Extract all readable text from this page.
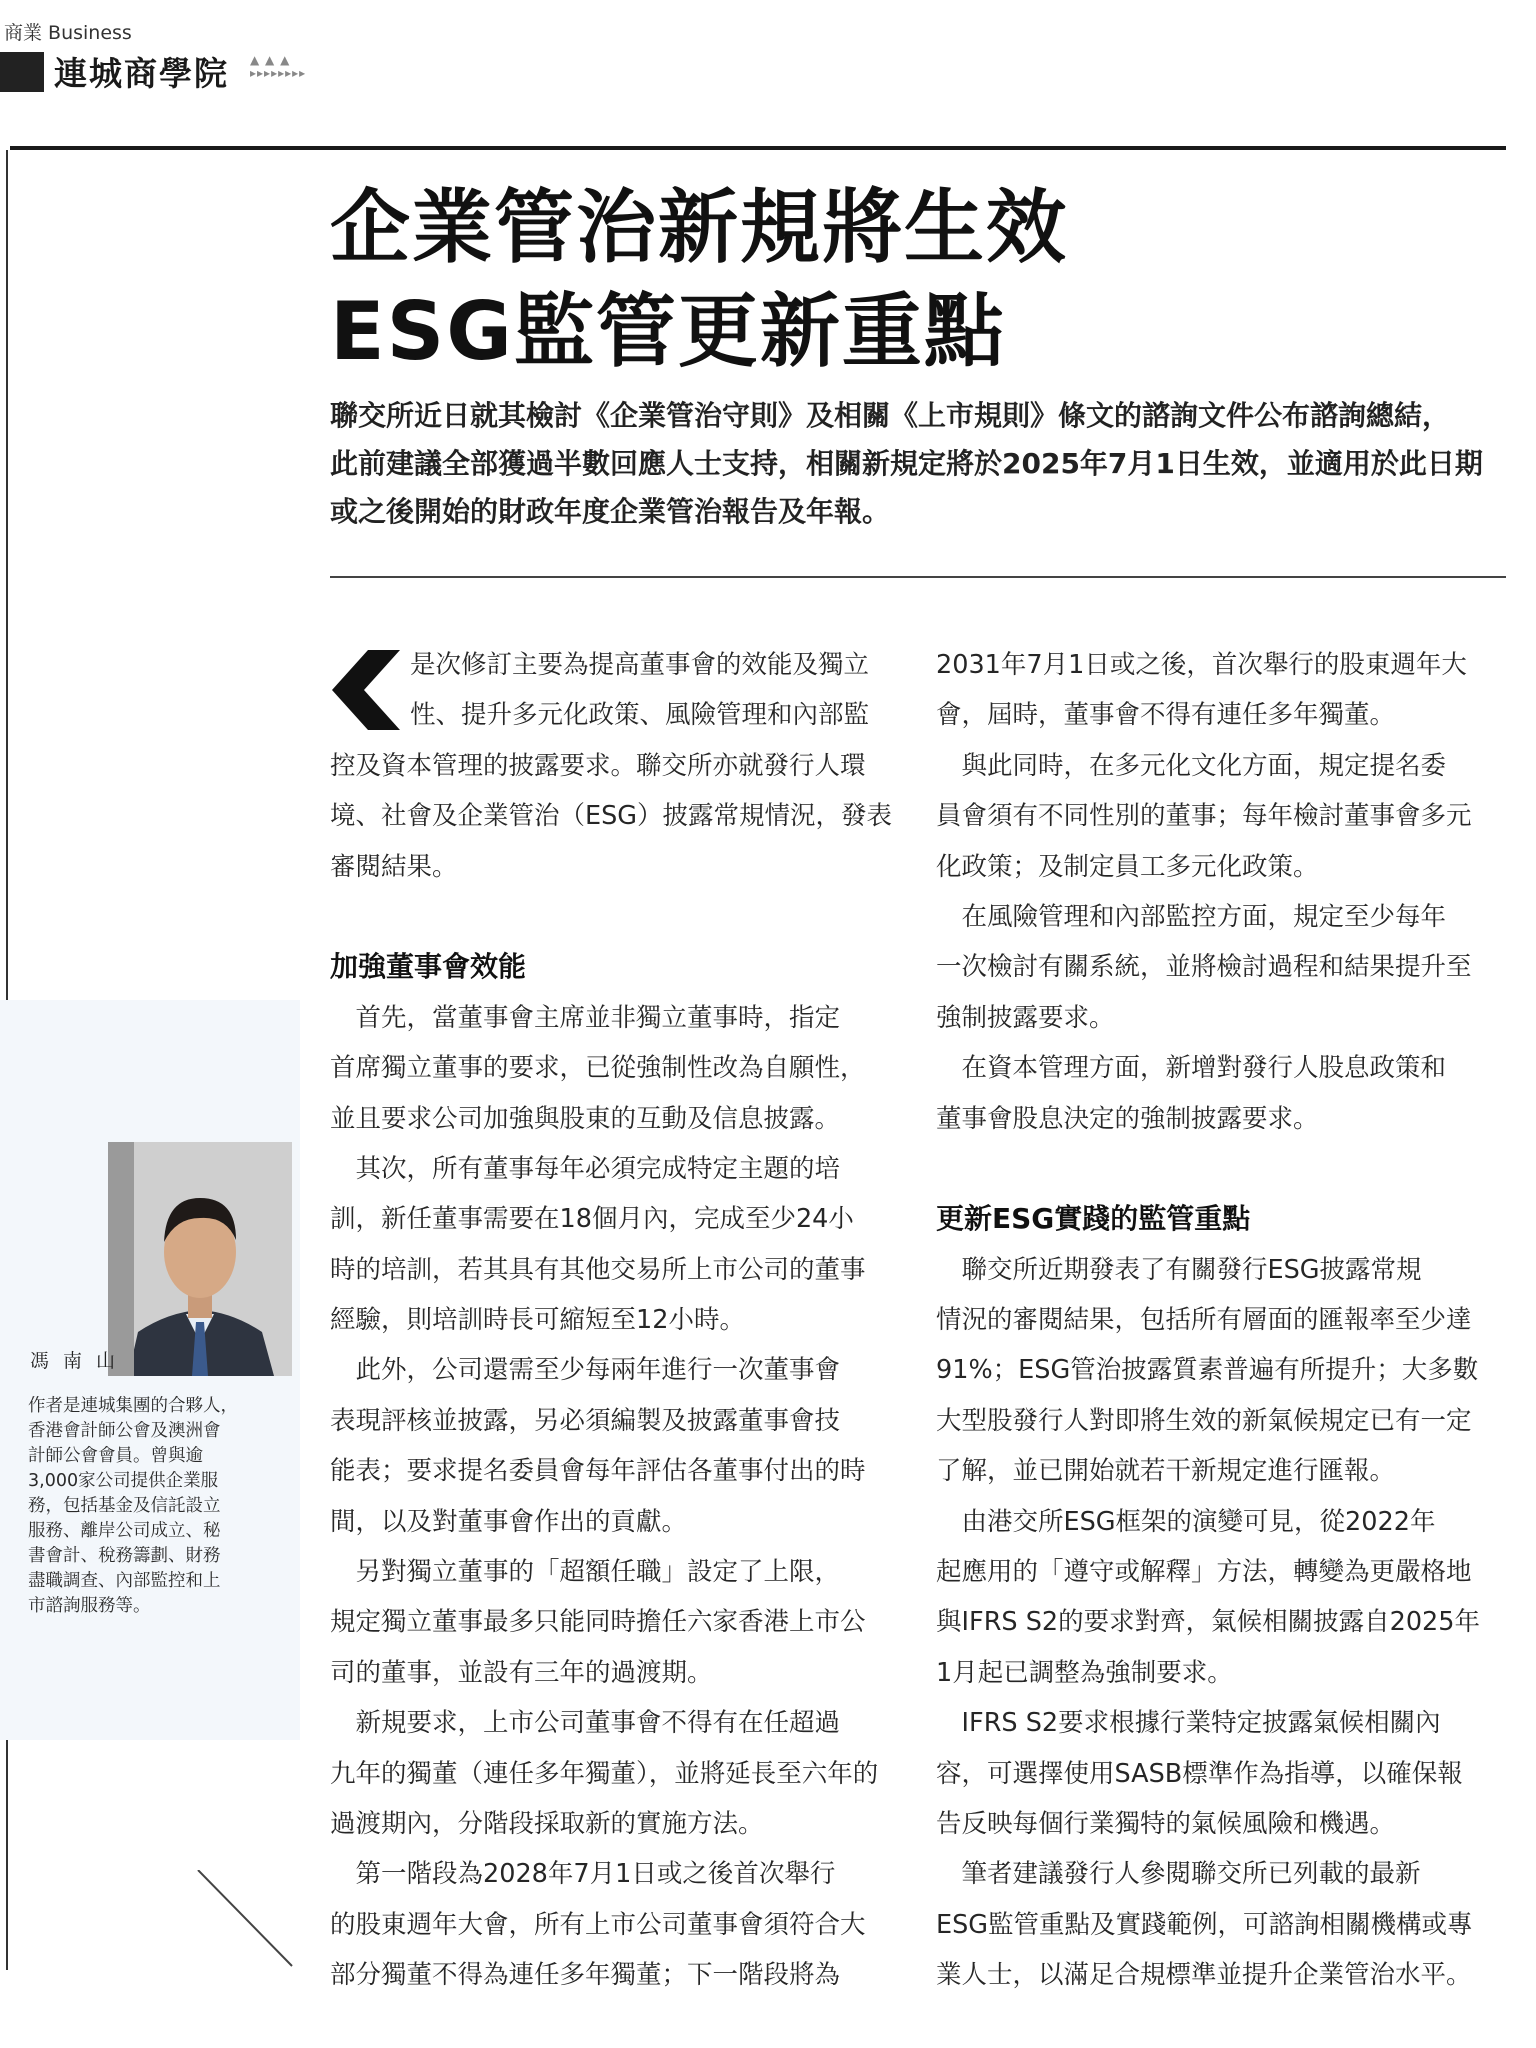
商業 Business
連城商學院 ▲ ▲ ▲
▸▸▸▸▸▸▸▸
馮南山
作者是連城集團的合夥人，
香港會計師公會及澳洲會
計師公會會員。曾與逾
3,000家公司提供企業服
務，包括基金及信託設立
服務、離岸公司成立、秘
書會計、稅務籌劃、財務
盡職調查、內部監控和上
市諮詢服務等。
企業管治新規將生效
ESG監管更新重點
聯交所近日就其檢討《企業管治守則》及相關《上市規則》條文的諮詢文件公布諮詢總結，
此前建議全部獲過半數回應人士支持，相關新規定將於2025年7月1日生效，並適用於此日期
或之後開始的財政年度企業管治報告及年報。
是次修訂主要為提高董事會的效能及獨立
性、提升多元化政策、風險管理和內部監
控及資本管理的披露要求。聯交所亦就發行人環
境、社會及企業管治（ESG）披露常規情況，發表
審閱結果。
加強董事會效能
　首先，當董事會主席並非獨立董事時，指定
首席獨立董事的要求，已從強制性改為自願性，
並且要求公司加強與股東的互動及信息披露。
　其次，所有董事每年必須完成特定主題的培
訓，新任董事需要在18個月內，完成至少24小
時的培訓，若其具有其他交易所上市公司的董事
經驗，則培訓時長可縮短至12小時。
　此外，公司還需至少每兩年進行一次董事會
表現評核並披露，另必須編製及披露董事會技
能表；要求提名委員會每年評估各董事付出的時
間，以及對董事會作出的貢獻。
　另對獨立董事的「超額任職」設定了上限，
規定獨立董事最多只能同時擔任六家香港上市公
司的董事，並設有三年的過渡期。
　新規要求，上市公司董事會不得有在任超過
九年的獨董（連任多年獨董），並將延長至六年的
過渡期內，分階段採取新的實施方法。
　第一階段為2028年7月1日或之後首次舉行
的股東週年大會，所有上市公司董事會須符合大
部分獨董不得為連任多年獨董；下一階段將為
2031年7月1日或之後，首次舉行的股東週年大
會，屆時，董事會不得有連任多年獨董。
　與此同時，在多元化文化方面，規定提名委
員會須有不同性別的董事；每年檢討董事會多元
化政策；及制定員工多元化政策。
　在風險管理和內部監控方面，規定至少每年
一次檢討有關系統，並將檢討過程和結果提升至
強制披露要求。
　在資本管理方面，新增對發行人股息政策和
董事會股息決定的強制披露要求。
更新ESG實踐的監管重點
　聯交所近期發表了有關發行ESG披露常規
情況的審閱結果，包括所有層面的匯報率至少達
91%；ESG管治披露質素普遍有所提升；大多數
大型股發行人對即將生效的新氣候規定已有一定
了解，並已開始就若干新規定進行匯報。
　由港交所ESG框架的演變可見，從2022年
起應用的「遵守或解釋」方法，轉變為更嚴格地
與IFRS S2的要求對齊，氣候相關披露自2025年
1月起已調整為強制要求。
　IFRS S2要求根據行業特定披露氣候相關內
容，可選擇使用SASB標準作為指導，以確保報
告反映每個行業獨特的氣候風險和機遇。
　筆者建議發行人參閱聯交所已列載的最新
ESG監管重點及實踐範例，可諮詢相關機構或專
業人士，以滿足合規標準並提升企業管治水平。
